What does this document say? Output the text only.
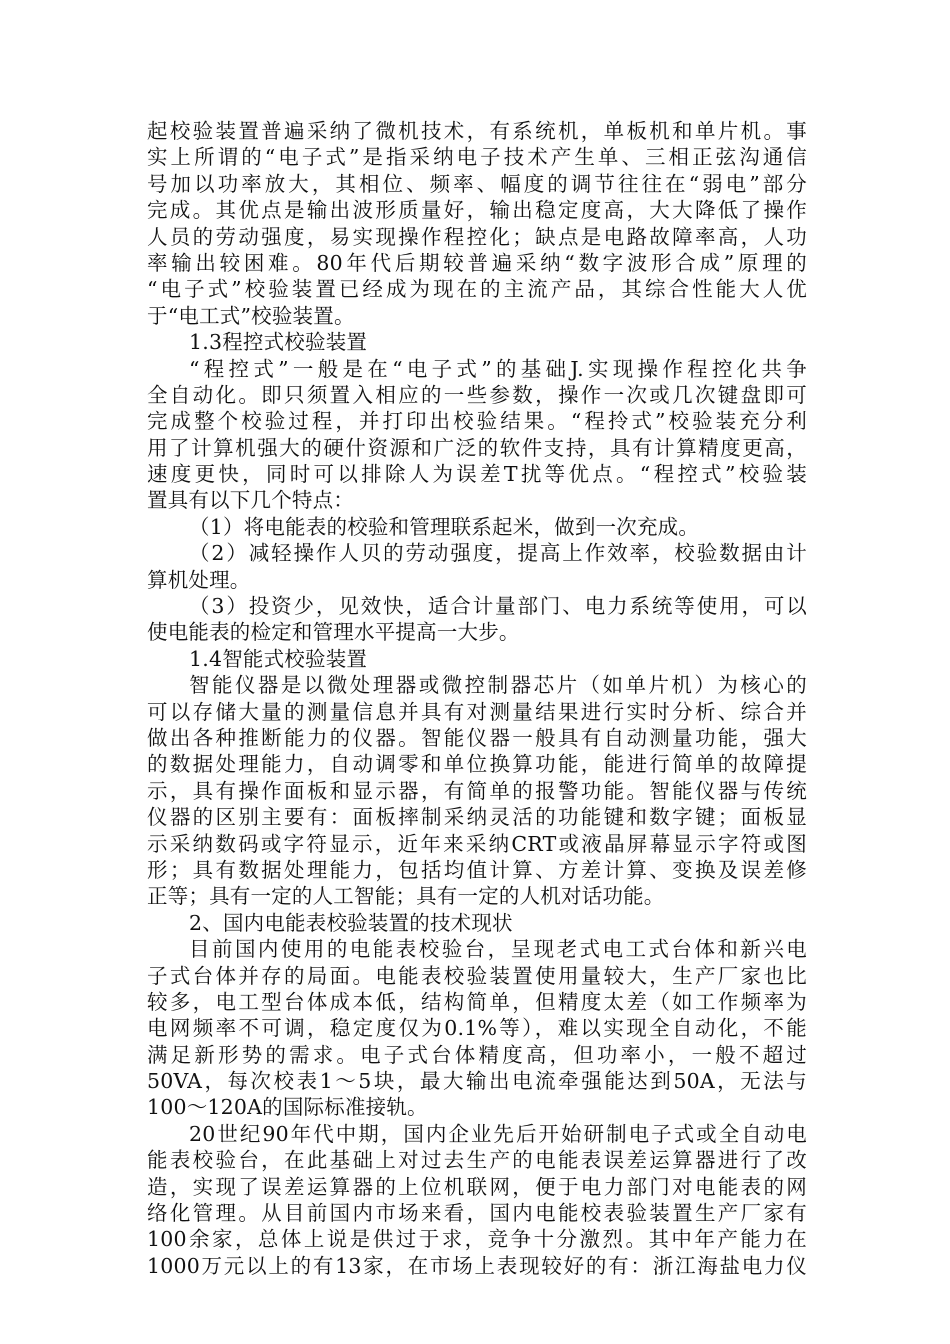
起校验装置普遍采纳了微机技术，有系统机，单板机和单片机。事
实上所谓的“电子式”是指采纳电子技术产生单、三相正弦沟通信
号加以功率放大，其相位、频率、幅度的调节往往在“弱电”部分
完成。其优点是输出波形质量好，输出稳定度高，大大降低了操作
人员的劳动强度，易实现操作程控化；缺点是电路故障率高，人功
率输出较困难。80年代后期较普遍采纳“数字波形合成”原理的
“电子式”校验装置已经成为现在的主流产品，其综合性能大人优
于“电工式”校验装置。
1.3程控式校验装置
“程控式”一般是在“电子式”的基础J.实现操作程控化共争
全自动化。即只须置入相应的一些参数，操作一次或几次键盘即可
完成整个校验过程，并打印出校验结果。“程拎式”校验装充分利
用了计算机强大的硬什资源和广泛的软件支持，具有计算精度更高，
速度更快，同时可以排除人为误差T扰等优点。“程控式”校验装
置具有以下几个特点：
（1）将电能表的校验和管理联系起米，做到一次充成。
（2）减轻操作人贝的劳动强度，提高上作效率，校验数据由计
算机处理。
（3）投资少，见效快，适合计量部门、电力系统等使用，可以
使电能表的检定和管理水平提高一大步。
1.4智能式校验装置
智能仪器是以微处理器或微控制器芯片（如单片机）为核心的
可以存储大量的测量信息并具有对测量结果进行实时分析、综合并
做出各种推断能力的仪器。智能仪器一般具有自动测量功能，强大
的数据处理能力，自动调零和单位换算功能，能进行简单的故障提
示，具有操作面板和显示器，有简单的报警功能。智能仪器与传统
仪器的区别主要有：面板摔制采纳灵活的功能键和数字键；面板显
示采纳数码或字符显示，近年来采纳CRT或液晶屏幕显示字符或图
形；具有数据处理能力，包括均值计算、方差计算、变换及误差修
正等；具有一定的人工智能；具有一定的人机对话功能。
2、国内电能表校验装置的技术现状
目前国内使用的电能表校验台，呈现老式电工式台体和新兴电
子式台体并存的局面。电能表校验装置使用量较大，生产厂家也比
较多，电工型台体成本低，结构简单，但精度太差（如工作频率为
电网频率不可调，稳定度仅为0.1%等），难以实现全自动化，不能
满足新形势的需求。电子式台体精度高，但功率小，一般不超过
50VA，每次校表1～5块，最大输出电流牵强能达到50A，无法与
100～120A的国际标准接轨。
20世纪90年代中期，国内企业先后开始研制电子式或全自动电
能表校验台，在此基础上对过去生产的电能表误差运算器进行了改
造，实现了误差运算器的上位机联网，便于电力部门对电能表的网
络化管理。从目前国内市场来看，国内电能校表验装置生产厂家有
100余家，总体上说是供过于求，竞争十分激烈。其中年产能力在
1000万元以上的有13家，在市场上表现较好的有：浙江海盐电力仪
